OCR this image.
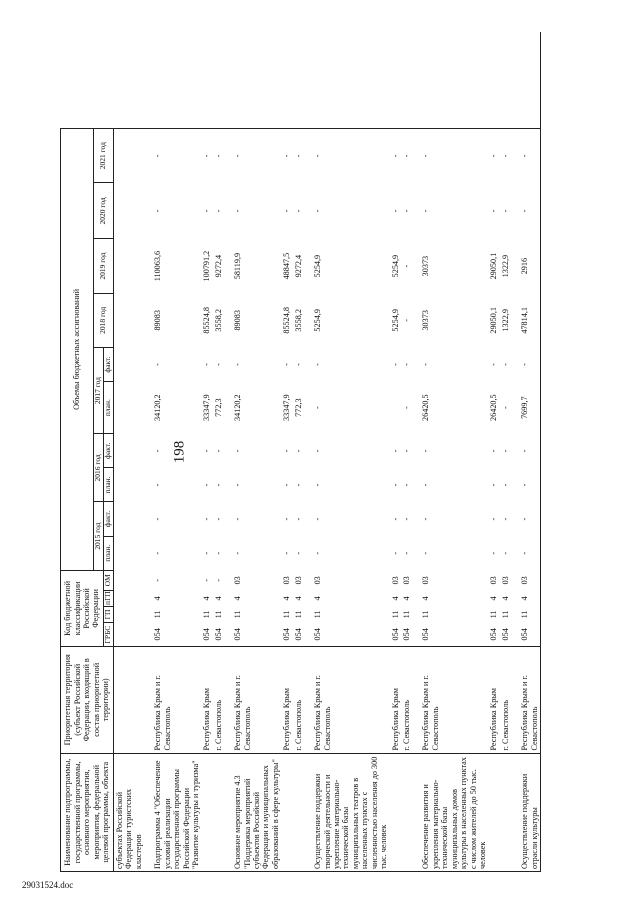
198
Наименование подпрограммы, государственной программы, основного мероприятия, мероприятия, федеральной целевой программы, объекта	Приоритетная территория (субъект Российской Федерации, входящий в состав приоритетной территории)	Код бюджетной классификации Российской Федерации				Объемы бюджетных ассигнований										
						2015 год		2016 год		2017 год		2018 год	2019 год	2020 год	2021 год	
						план.	факт.	план.	факт.	план.	факт.					
		ГРБС	ГП	пГП	ОМ											
субъектах Российской Федерации туристских кластеров																

Подпрограмма 4 "Обеспечение условий реализации государственной программы Российской Федерации "Развитие культуры и туризма"	Республика Крым и г. Севастополь	054	11	4	-	-	-	-	-	34120,2	-	89083	110063,6	-	-	
	Республика Крым	054	11	4	-	-	-	-	-	33347,9	-	85524,8	100791,2	-	-	
	г. Севастополь	054	11	4	-	-	-	-	-	772,3	-	3558,2	9272,4	-	-	

Основное мероприятие 4.3 "Поддержка мероприятий субъектов Российской Федерации и муниципальных образований в сфере культуры"	Республика Крым и г. Севастополь	054	11	4	03	-	-	-	-	34120,2	-	89083	58119,9	-	-	
	Республика Крым	054	11	4	03	-	-	-	-	33347,9	-	85524,8	48847,5	-	-	
	г. Севастополь	054	11	4	03	-	-	-	-	772,3	-	3558,2	9272,4	-	-	

Осуществление поддержки творческой деятельности и укрепление материально-технической базы муниципальных театров в населенных пунктах с численностью населения до 300 тыс. человек	Республика Крым и г. Севастополь	054	11	4	03	-	-	-	-	-	-	5254,9	5254,9	-	-	
	Республика Крым	054	11	4	03	-	-	-	-		-	5254,9	5254,9	-	-	
	г. Севастополь	054	11	4	03	-	-	-	-	-	-	-	-	-	-	

Обеспечение развития и укрепления материально-технической базы муниципальных домов культуры в населенных пунктах с числом жителей до 50 тыс. человек	Республика Крым и г. Севастополь	054	11	4	03	-	-	-	-	26420,5	-	30373	30373	-	-	
	Республика Крым	054	11	4	03	-	-	-	-	26420,5	-	29050,1	29050,1	-	-	
	г. Севастополь	054	11	4	03	-	-	-	-	-	-	1322,9	1322,9	-	-	

Осуществление поддержки отрасли культуры	Республика Крым и г. Севастополь	054	11	4	03	-	-	-	-	7699,7	-	47814,1	2916	-	-	
29031524.doc
